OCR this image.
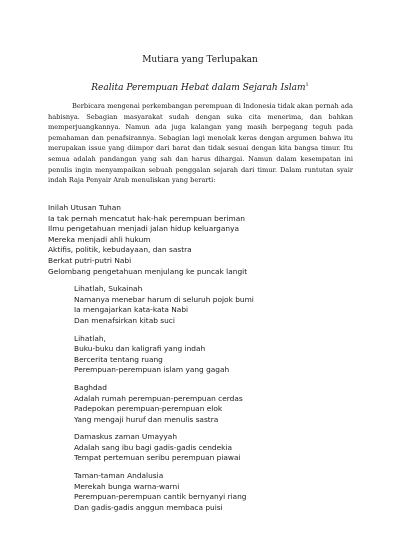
Mutiara yang Terlupakan
Realita Perempuan Hebat dalam Sejarah Islam$^1$

Berbicara mengenai perkembangan perempuan di Indonesia tidak akan pernah ada habisnya. Sebagian masyarakat sudah dengan suka cita menerima, dan bahkan memperjuangkannya. Namun ada juga kalangan yang masih berpegang teguh pada pemahaman dan penafsirannya. Sebagian lagi menolak keras dengan argumen bahwa itu merupakan issue yang diimpor dari barat dan tidak sesuai dengan kita bangsa timur. Itu semua adalah pandangan yang sah dan harus dihargai. Namun dalam kesempatan ini penulis ingin menyampaikan sebuah penggalan sejarah dari timur. Dalam runtutan syair indah Raja Penyair Arab menuliskan yang berarti:

Inilah Utusan Tuhan
Ia tak pernah mencatut hak-hak perempuan beriman
Ilmu pengetahuan menjadi jalan hidup keluarganya
Mereka menjadi ahli hukum
Aktifis, politik, kebudayaan, dan sastra
Berkat putri-putri Nabi
Gelombang pengetahuan menjulang ke puncak langit
Lihatlah, Sukainah
Namanya menebar harum di seluruh pojok bumi
Ia mengajarkan kata-kata Nabi
Dan menafsirkan kitab suci
Lihatlah,
Buku-buku dan kaligrafi yang indah
Bercerita tentang ruang
Perempuan-perempuan islam yang gagah
Baghdad
Adalah rumah perempuan-perempuan cerdas
Padepokan perempuan-perempuan elok
Yang mengaji huruf dan menulis sastra
Damaskus zaman Umayyah
Adalah sang ibu bagi gadis-gadis cendekia
Tempat pertemuan seribu perempuan piawai
Taman-taman Andalusia
Merekah bunga warna-warni
Perempuan-perempuan cantik bernyanyi riang
Dan gadis-gadis anggun membaca puisi
